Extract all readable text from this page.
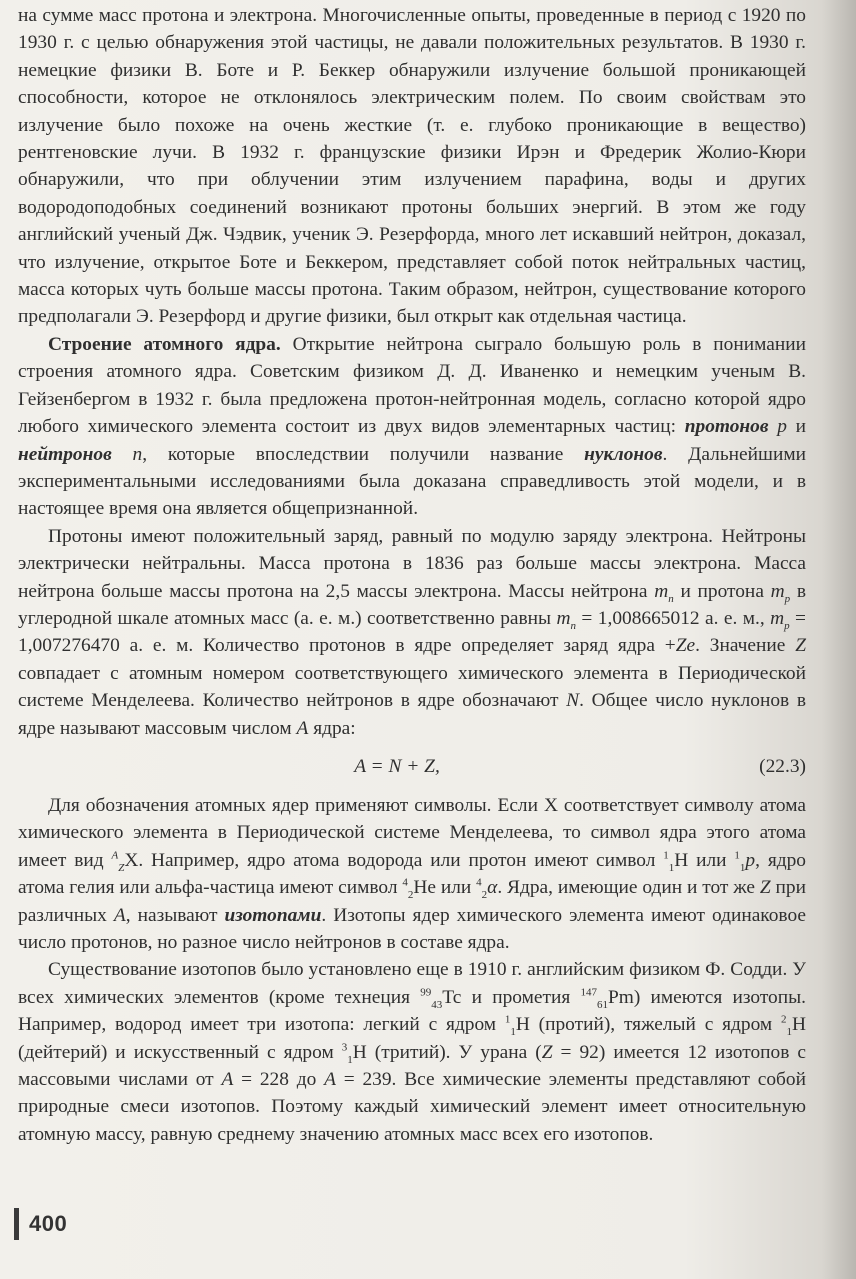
на сумме масс протона и электрона. Многочисленные опыты, проведенные в период с 1920 по 1930 г. с целью обнаружения этой частицы, не давали положительных результатов. В 1930 г. немецкие физики В. Боте и Р. Беккер обнаружили излучение большой проникающей способности, которое не отклонялось электрическим полем. По своим свойствам это излучение было похоже на очень жесткие (т. е. глубоко проникающие в вещество) рентгеновские лучи. В 1932 г. французские физики Ирэн и Фредерик Жолио-Кюри обнаружили, что при облучении этим излучением парафина, воды и других водородоподобных соединений возникают протоны больших энергий. В этом же году английский ученый Дж. Чэдвик, ученик Э. Резерфорда, много лет искавший нейтрон, доказал, что излучение, открытое Боте и Беккером, представляет собой поток нейтральных частиц, масса которых чуть больше массы протона. Таким образом, нейтрон, существование которого предполагали Э. Резерфорд и другие физики, был открыт как отдельная частица.

Строение атомного ядра. Открытие нейтрона сыграло большую роль в понимании строения атомного ядра. Советским физиком Д. Д. Иваненко и немецким ученым В. Гейзенбергом в 1932 г. была предложена протон-нейтронная модель, согласно которой ядро любого химического элемента состоит из двух видов элементарных частиц: протонов p и нейтронов n, которые впоследствии получили название нуклонов. Дальнейшими экспериментальными исследованиями была доказана справедливость этой модели, и в настоящее время она является общепризнанной.

Протоны имеют положительный заряд, равный по модулю заряду электрона. Нейтроны электрически нейтральны. Масса протона в 1836 раз больше массы электрона. Масса нейтрона больше массы протона на 2,5 массы электрона. Массы нейтрона $m_n$ и протона $m_p$ в углеродной шкале атомных масс (а. е. м.) соответственно равны $m_n = 1,008665012$ а. е. м., $m_p = 1,007276470$ а. е. м. Количество протонов в ядре определяет заряд ядра +Ze. Значение Z совпадает с атомным номером соответствующего химического элемента в Периодической системе Менделеева. Количество нейтронов в ядре обозначают N. Общее число нуклонов в ядре называют массовым числом A ядра:

A = N + Z,	(22.3)

Для обозначения атомных ядер применяют символы. Если X соответствует символу атома химического элемента в Периодической системе Менделеева, то символ ядра этого атома имеет вид $^A_Z$X. Например, ядро атома водорода или протон имеют символ $^1_1$H или $^1_1$p, ядро атома гелия или альфа-частица имеют символ $^4_2$He или $^4_2$α. Ядра, имеющие один и тот же Z при различных A, называют изотопами. Изотопы ядер химического элемента имеют одинаковое число протонов, но разное число нейтронов в составе ядра.

Существование изотопов было установлено еще в 1910 г. английским физиком Ф. Содди. У всех химических элементов (кроме технеция $^{99}_{43}$Tc и прометия $^{147}_{61}$Pm) имеются изотопы. Например, водород имеет три изотопа: легкий с ядром $^1_1$H (протий), тяжелый с ядром $^2_1$H (дейтерий) и искусственный с ядром $^3_1$H (тритий). У урана (Z = 92) имеется 12 изотопов с массовыми числами от A = 228 до A = 239. Все химические элементы представляют собой природные смеси изотопов. Поэтому каждый химический элемент имеет относительную атомную массу, равную среднему значению атомных масс всех его изотопов.

400
